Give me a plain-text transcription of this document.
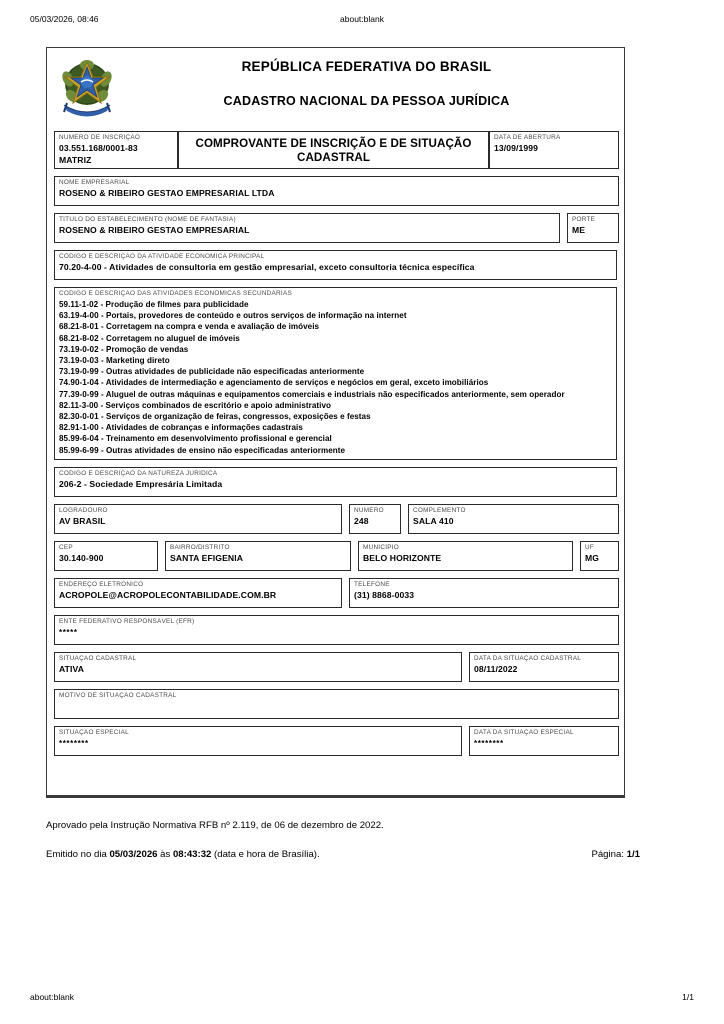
05/03/2026, 08:46	about:blank
REPÚBLICA FEDERATIVA DO BRASIL
CADASTRO NACIONAL DA PESSOA JURÍDICA
NÚMERO DE INSCRIÇÃO
03.551.168/0001-83
MATRIZ
COMPROVANTE DE INSCRIÇÃO E DE SITUAÇÃO CADASTRAL
DATA DE ABERTURA
13/09/1999
NOME EMPRESARIAL
ROSENO & RIBEIRO GESTAO EMPRESARIAL LTDA
TÍTULO DO ESTABELECIMENTO (NOME DE FANTASIA)
ROSENO & RIBEIRO GESTAO EMPRESARIAL
PORTE
ME
CÓDIGO E DESCRIÇÃO DA ATIVIDADE ECONÔMICA PRINCIPAL
70.20-4-00 - Atividades de consultoria em gestão empresarial, exceto consultoria técnica específica
CÓDIGO E DESCRIÇÃO DAS ATIVIDADES ECONÔMICAS SECUNDÁRIAS
59.11-1-02 - Produção de filmes para publicidade
63.19-4-00 - Portais, provedores de conteúdo e outros serviços de informação na internet
68.21-8-01 - Corretagem na compra e venda e avaliação de imóveis
68.21-8-02 - Corretagem no aluguel de imóveis
73.19-0-02 - Promoção de vendas
73.19-0-03 - Marketing direto
73.19-0-99 - Outras atividades de publicidade não especificadas anteriormente
74.90-1-04 - Atividades de intermediação e agenciamento de serviços e negócios em geral, exceto imobiliários
77.39-0-99 - Aluguel de outras máquinas e equipamentos comerciais e industriais não especificados anteriormente, sem operador
82.11-3-00 - Serviços combinados de escritório e apoio administrativo
82.30-0-01 - Serviços de organização de feiras, congressos, exposições e festas
82.91-1-00 - Atividades de cobranças e informações cadastrais
85.99-6-04 - Treinamento em desenvolvimento profissional e gerencial
85.99-6-99 - Outras atividades de ensino não especificadas anteriormente
CÓDIGO E DESCRIÇÃO DA NATUREZA JURÍDICA
206-2 - Sociedade Empresária Limitada
LOGRADOURO
AV BRASIL
NÚMERO
248
COMPLEMENTO
SALA 410
CEP
30.140-900
BAIRRO/DISTRITO
SANTA EFIGENIA
MUNICÍPIO
BELO HORIZONTE
UF
MG
ENDEREÇO ELETRÔNICO
ACROPOLE@ACROPOLECONTABILIDADE.COM.BR
TELEFONE
(31) 8868-0033
ENTE FEDERATIVO RESPONSÁVEL (EFR)
*****
SITUAÇÃO CADASTRAL
ATIVA
DATA DA SITUAÇÃO CADASTRAL
08/11/2022
MOTIVO DE SITUAÇÃO CADASTRAL
SITUAÇÃO ESPECIAL
********
DATA DA SITUAÇÃO ESPECIAL
********
Aprovado pela Instrução Normativa RFB nº 2.119, de 06 de dezembro de 2022.
Emitido no dia 05/03/2026 às 08:43:32 (data e hora de Brasília).	Página: 1/1
about:blank	1/1
